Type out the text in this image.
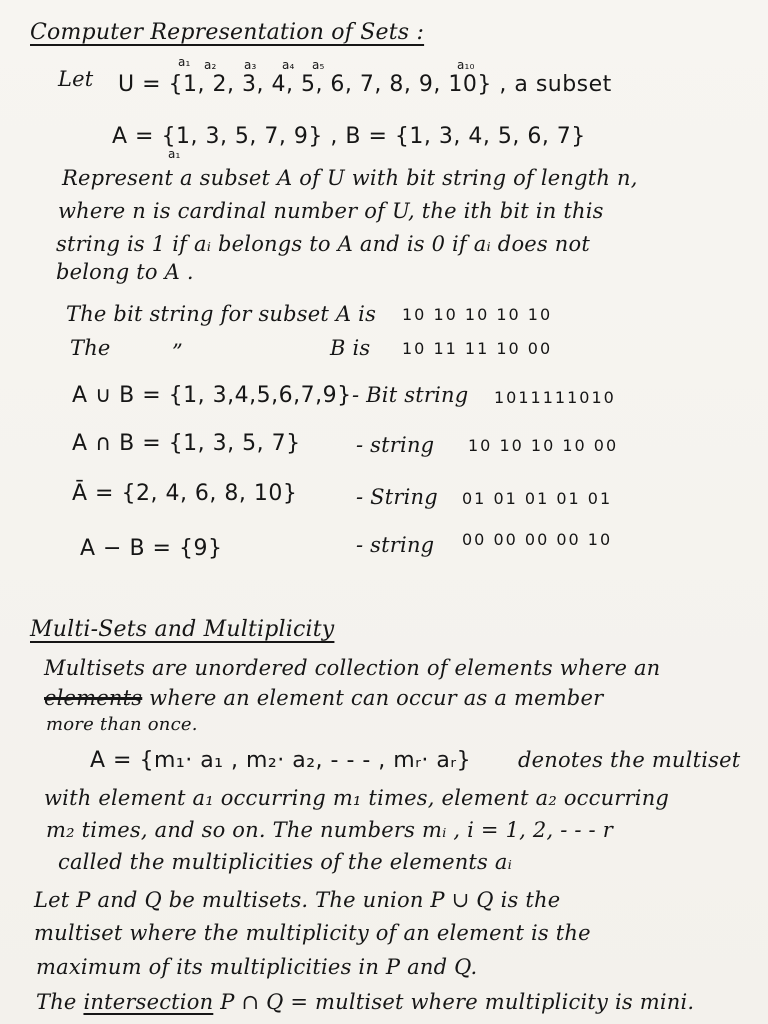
Computer Representation of Sets :
Let
a₁ a₂ a₃ a₄ a₅	a₁₀
U = {1, 2, 3, 4, 5, 6, 7, 8, 9, 10} , a subset
A = {1, 3, 5, 7, 9} , B = {1, 3, 4, 5, 6, 7}
a₁
Represent a subset A of U with bit string of length n,
where n is cardinal number of U, the ith bit in this
string is 1 if aᵢ belongs to A and is 0 if aᵢ does not
belong to A .
The bit string for subset A is 10 10 10 10 10
The	”	B is 10 11 11 10 00
A ∪ B = {1, 3,4,5,6,7,9} - Bit string 1011111010
A ∩ B = {1, 3, 5, 7}	- string 10 10 10 10 00
Ā = {2, 4, 6, 8, 10}	- String 01 01 01 01 01
A − B = {9}	- string 00 00 00 00 10
Multi-Sets and Multiplicity
Multisets are unordered collection of elements where an
elements where an element can occur as a member
more than once.
A = {m₁· a₁ , m₂· a₂, - - - , mᵣ· aᵣ} denotes the multiset
with element a₁ occurring m₁ times, element a₂ occurring
m₂ times, and so on. The numbers mᵢ , i = 1, 2, - - - r
called the multiplicities of the elements aᵢ
Let P and Q be multisets. The union P ∪ Q is the
multiset where the multiplicity of an element is the
maximum of its multiplicities in P and Q.
The intersection P ∩ Q = multiset where multiplicity is mini.
